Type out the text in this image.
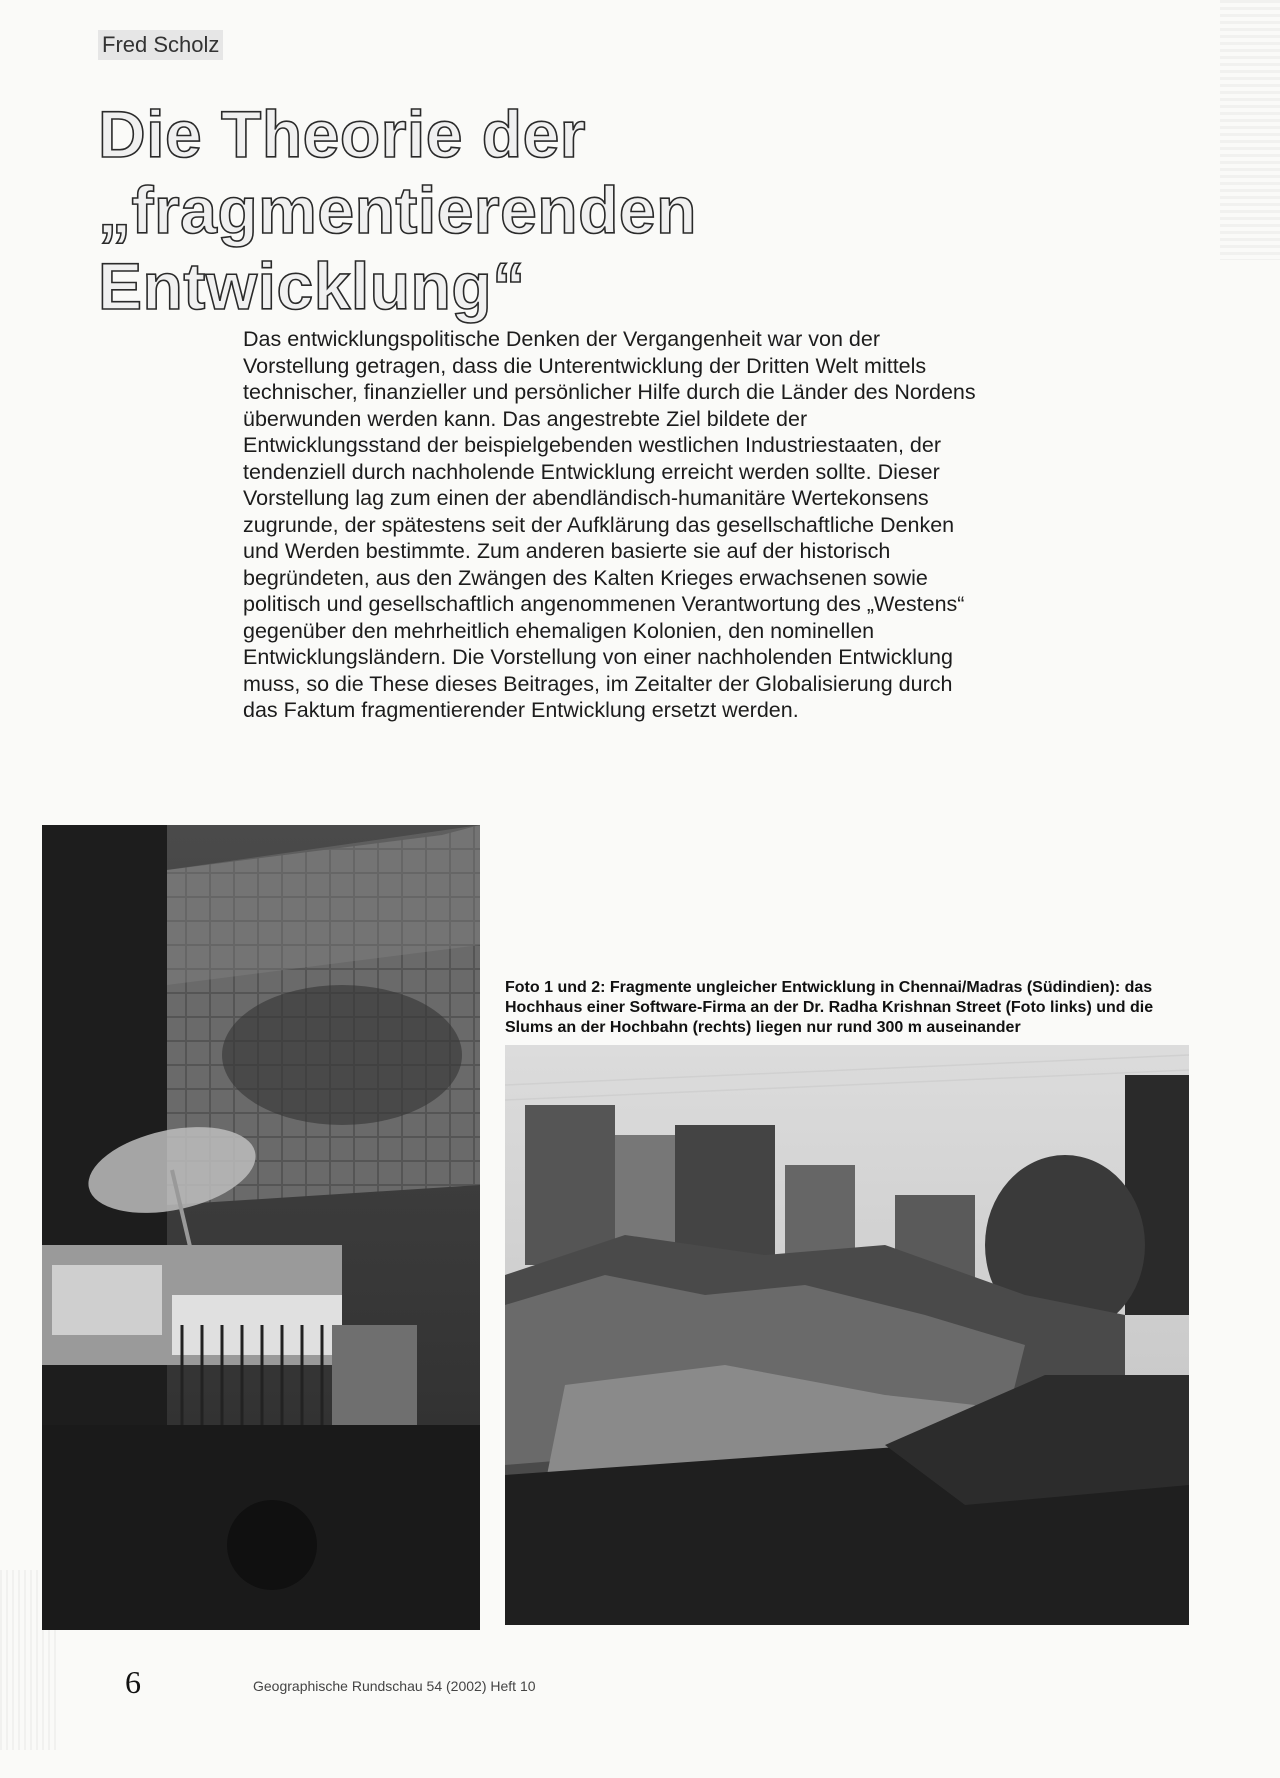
Fred Scholz
Die Theorie der
„fragmentierenden Entwicklung“

Das entwicklungspolitische Denken der Vergangenheit war von der Vorstellung getragen, dass die Unterentwicklung der Dritten Welt mittels technischer, finanzieller und persönlicher Hilfe durch die Länder des Nordens überwunden werden kann. Das angestrebte Ziel bildete der Entwicklungsstand der beispielgebenden westlichen Industriestaaten, der tendenziell durch nachholende Entwicklung erreicht werden sollte. Dieser Vorstellung lag zum einen der abendländisch-humanitäre Wertekonsens zugrunde, der spätestens seit der Aufklärung das gesellschaftliche Denken und Werden bestimmte. Zum anderen basierte sie auf der historisch begründeten, aus den Zwängen des Kalten Krieges erwachsenen sowie politisch und gesellschaftlich angenommenen Verantwortung des „Westens“ gegenüber den mehrheitlich ehemaligen Kolonien, den nominellen Entwicklungsländern. Die Vorstellung von einer nachholenden Entwicklung muss, so die These dieses Beitrages, im Zeitalter der Globalisierung durch das Faktum fragmentierender Entwicklung ersetzt werden.

Foto 1 und 2: Fragmente ungleicher Entwicklung in Chennai/Madras (Südindien): das Hochhaus einer Software-Firma an der Dr. Radha Krishnan Street (Foto links) und die Slums an der Hochbahn (rechts) liegen nur rund 300 m auseinander

6	Geographische Rundschau 54 (2002) Heft 10
